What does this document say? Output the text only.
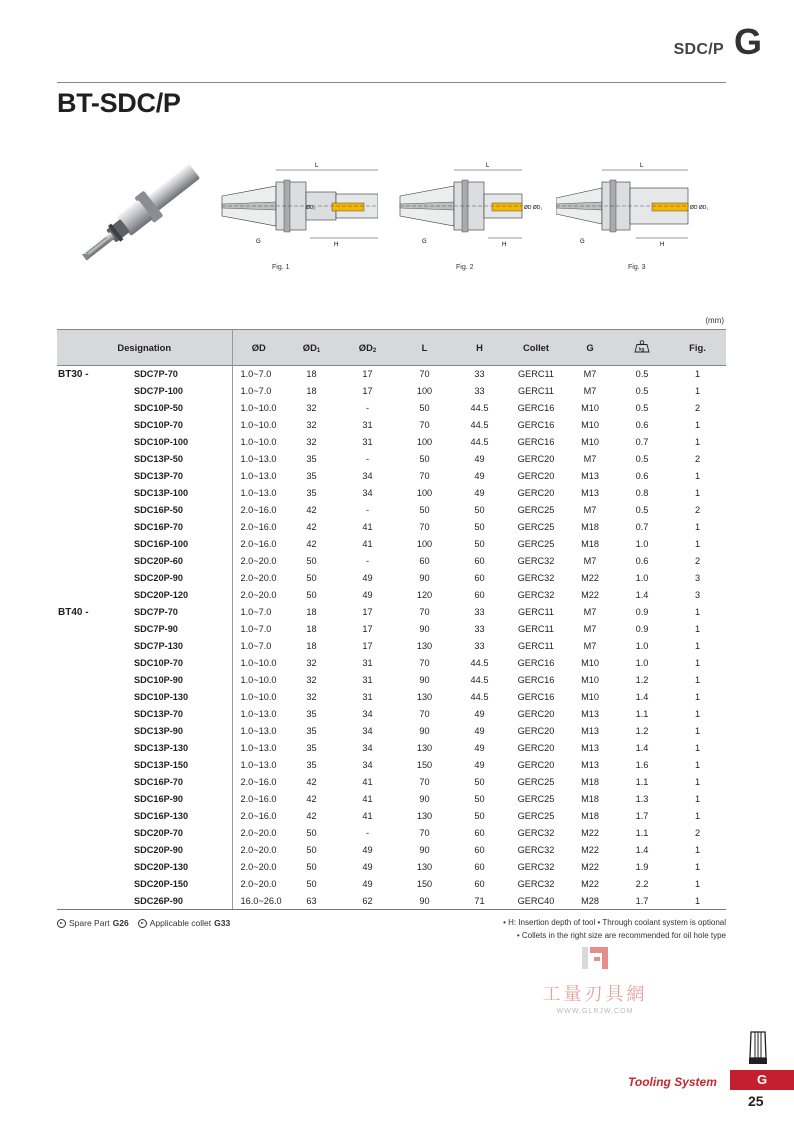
SDC/P G
BT-SDC/P
L
H
G
ØD₂
Fig. 1
L
H
G
ØD ØD₁
Fig. 2
L
H
G
ØD ØD₁
Fig. 3
(mm)
Designation		ØD	ØD1	ØD2	L	H	Collet	G	kg	Fig.
BT30 -	SDC7P-70	1.0~7.0	18	17	70	33	GERC11	M7	0.5	1
	SDC7P-100	1.0~7.0	18	17	100	33	GERC11	M7	0.5	1
	SDC10P-50	1.0~10.0	32	-	50	44.5	GERC16	M10	0.5	2
	SDC10P-70	1.0~10.0	32	31	70	44.5	GERC16	M10	0.6	1
	SDC10P-100	1.0~10.0	32	31	100	44.5	GERC16	M10	0.7	1
	SDC13P-50	1.0~13.0	35	-	50	49	GERC20	M7	0.5	2
	SDC13P-70	1.0~13.0	35	34	70	49	GERC20	M13	0.6	1
	SDC13P-100	1.0~13.0	35	34	100	49	GERC20	M13	0.8	1
	SDC16P-50	2.0~16.0	42	-	50	50	GERC25	M7	0.5	2
	SDC16P-70	2.0~16.0	42	41	70	50	GERC25	M18	0.7	1
	SDC16P-100	2.0~16.0	42	41	100	50	GERC25	M18	1.0	1
	SDC20P-60	2.0~20.0	50	-	60	60	GERC32	M7	0.6	2
	SDC20P-90	2.0~20.0	50	49	90	60	GERC32	M22	1.0	3
	SDC20P-120	2.0~20.0	50	49	120	60	GERC32	M22	1.4	3
BT40 -	SDC7P-70	1.0~7.0	18	17	70	33	GERC11	M7	0.9	1
	SDC7P-90	1.0~7.0	18	17	90	33	GERC11	M7	0.9	1
	SDC7P-130	1.0~7.0	18	17	130	33	GERC11	M7	1.0	1
	SDC10P-70	1.0~10.0	32	31	70	44.5	GERC16	M10	1.0	1
	SDC10P-90	1.0~10.0	32	31	90	44.5	GERC16	M10	1.2	1
	SDC10P-130	1.0~10.0	32	31	130	44.5	GERC16	M10	1.4	1
	SDC13P-70	1.0~13.0	35	34	70	49	GERC20	M13	1.1	1
	SDC13P-90	1.0~13.0	35	34	90	49	GERC20	M13	1.2	1
	SDC13P-130	1.0~13.0	35	34	130	49	GERC20	M13	1.4	1
	SDC13P-150	1.0~13.0	35	34	150	49	GERC20	M13	1.6	1
	SDC16P-70	2.0~16.0	42	41	70	50	GERC25	M18	1.1	1
	SDC16P-90	2.0~16.0	42	41	90	50	GERC25	M18	1.3	1
	SDC16P-130	2.0~16.0	42	41	130	50	GERC25	M18	1.7	1
	SDC20P-70	2.0~20.0	50	-	70	60	GERC32	M22	1.1	2
	SDC20P-90	2.0~20.0	50	49	90	60	GERC32	M22	1.4	1
	SDC20P-130	2.0~20.0	50	49	130	60	GERC32	M22	1.9	1
	SDC20P-150	2.0~20.0	50	49	150	60	GERC32	M22	2.2	1
	SDC26P-90	16.0~26.0	63	62	90	71	GERC40	M28	1.7	1
Spare Part G26 Applicable collet G33	• H: Insertion depth of tool • Through coolant system is optional
• Collets in the right size are recommended for oil hole type
工量刃具網
WWW.GLRJW.COM
Tooling System	G
25
